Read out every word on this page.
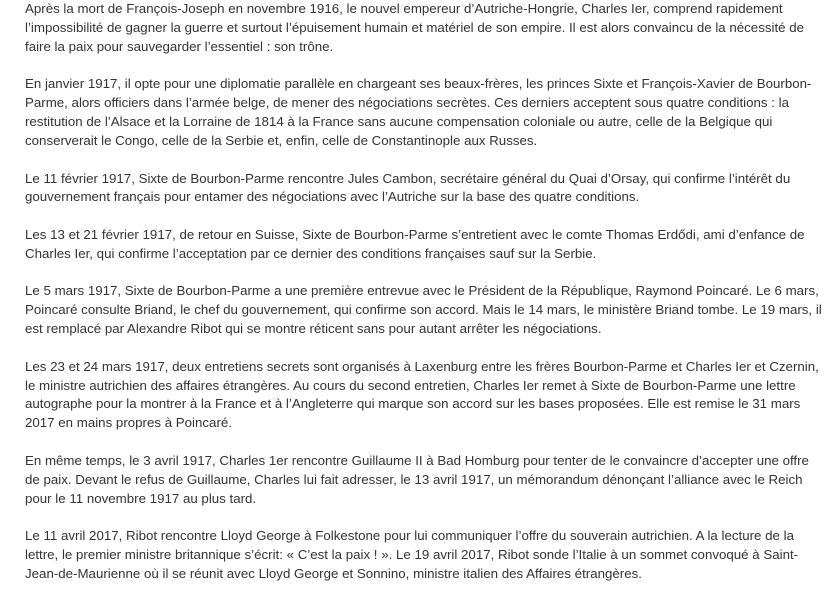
Après la mort de François-Joseph en novembre 1916, le nouvel empereur d’Autriche-Hongrie, Charles Ier, comprend rapidement l’impossibilité de gagner la guerre et surtout l’épuisement humain et matériel de son empire. Il est alors convaincu de la nécessité de faire la paix pour sauvegarder l’essentiel : son trône.

En janvier 1917, il opte pour une diplomatie parallèle en chargeant ses beaux-frères, les princes Sixte et François-Xavier de Bourbon-Parme, alors officiers dans l’armée belge, de mener des négociations secrètes. Ces derniers acceptent sous quatre conditions : la restitution de l’Alsace et la Lorraine de 1814 à la France sans aucune compensation coloniale ou autre, celle de la Belgique qui conserverait le Congo, celle de la Serbie et, enfin, celle de Constantinople aux Russes.

Le 11 février 1917, Sixte de Bourbon-Parme rencontre Jules Cambon, secrétaire général du Quai d’Orsay, qui confirme l’intérêt du gouvernement français pour entamer des négociations avec l’Autriche sur la base des quatre conditions.

Les 13 et 21 février 1917, de retour en Suisse, Sixte de Bourbon-Parme s’entretient avec le comte Thomas Erdődi, ami d’enfance de Charles Ier, qui confirme l’acceptation par ce dernier des conditions françaises sauf sur la Serbie.

Le 5 mars 1917, Sixte de Bourbon-Parme a une première entrevue avec le Président de la République, Raymond Poincaré. Le 6 mars, Poincaré consulte Briand, le chef du gouvernement, qui confirme son accord. Mais le 14 mars, le ministère Briand tombe. Le 19 mars, il est remplacé par Alexandre Ribot qui se montre réticent sans pour autant arrêter les négociations.

Les 23 et 24 mars 1917, deux entretiens secrets sont organisés à Laxenburg entre les frères Bourbon-Parme et Charles Ier et Czernin, le ministre autrichien des affaires étrangères. Au cours du second entretien, Charles Ier remet à Sixte de Bourbon-Parme une lettre autographe pour la montrer à la France et à l’Angleterre qui marque son accord sur les bases proposées. Elle est remise le 31 mars 2017 en mains propres à Poincaré.

En même temps, le 3 avril 1917, Charles 1er rencontre Guillaume II à Bad Homburg pour tenter de le convaincre d’accepter une offre de paix. Devant le refus de Guillaume, Charles lui fait adresser, le 13 avril 1917, un mémorandum dénonçant l’alliance avec le Reich pour le 11 novembre 1917 au plus tard.

Le 11 avril 2017, Ribot rencontre Lloyd George à Folkestone pour lui communiquer l’offre du souverain autrichien. A la lecture de la lettre, le premier ministre britannique s’écrit: « C’est la paix ! ». Le 19 avril 2017, Ribot sonde l’Italie à un sommet convoqué à Saint-Jean-de-Maurienne où il se réunit avec Lloyd George et Sonnino, ministre italien des Affaires étrangères.
